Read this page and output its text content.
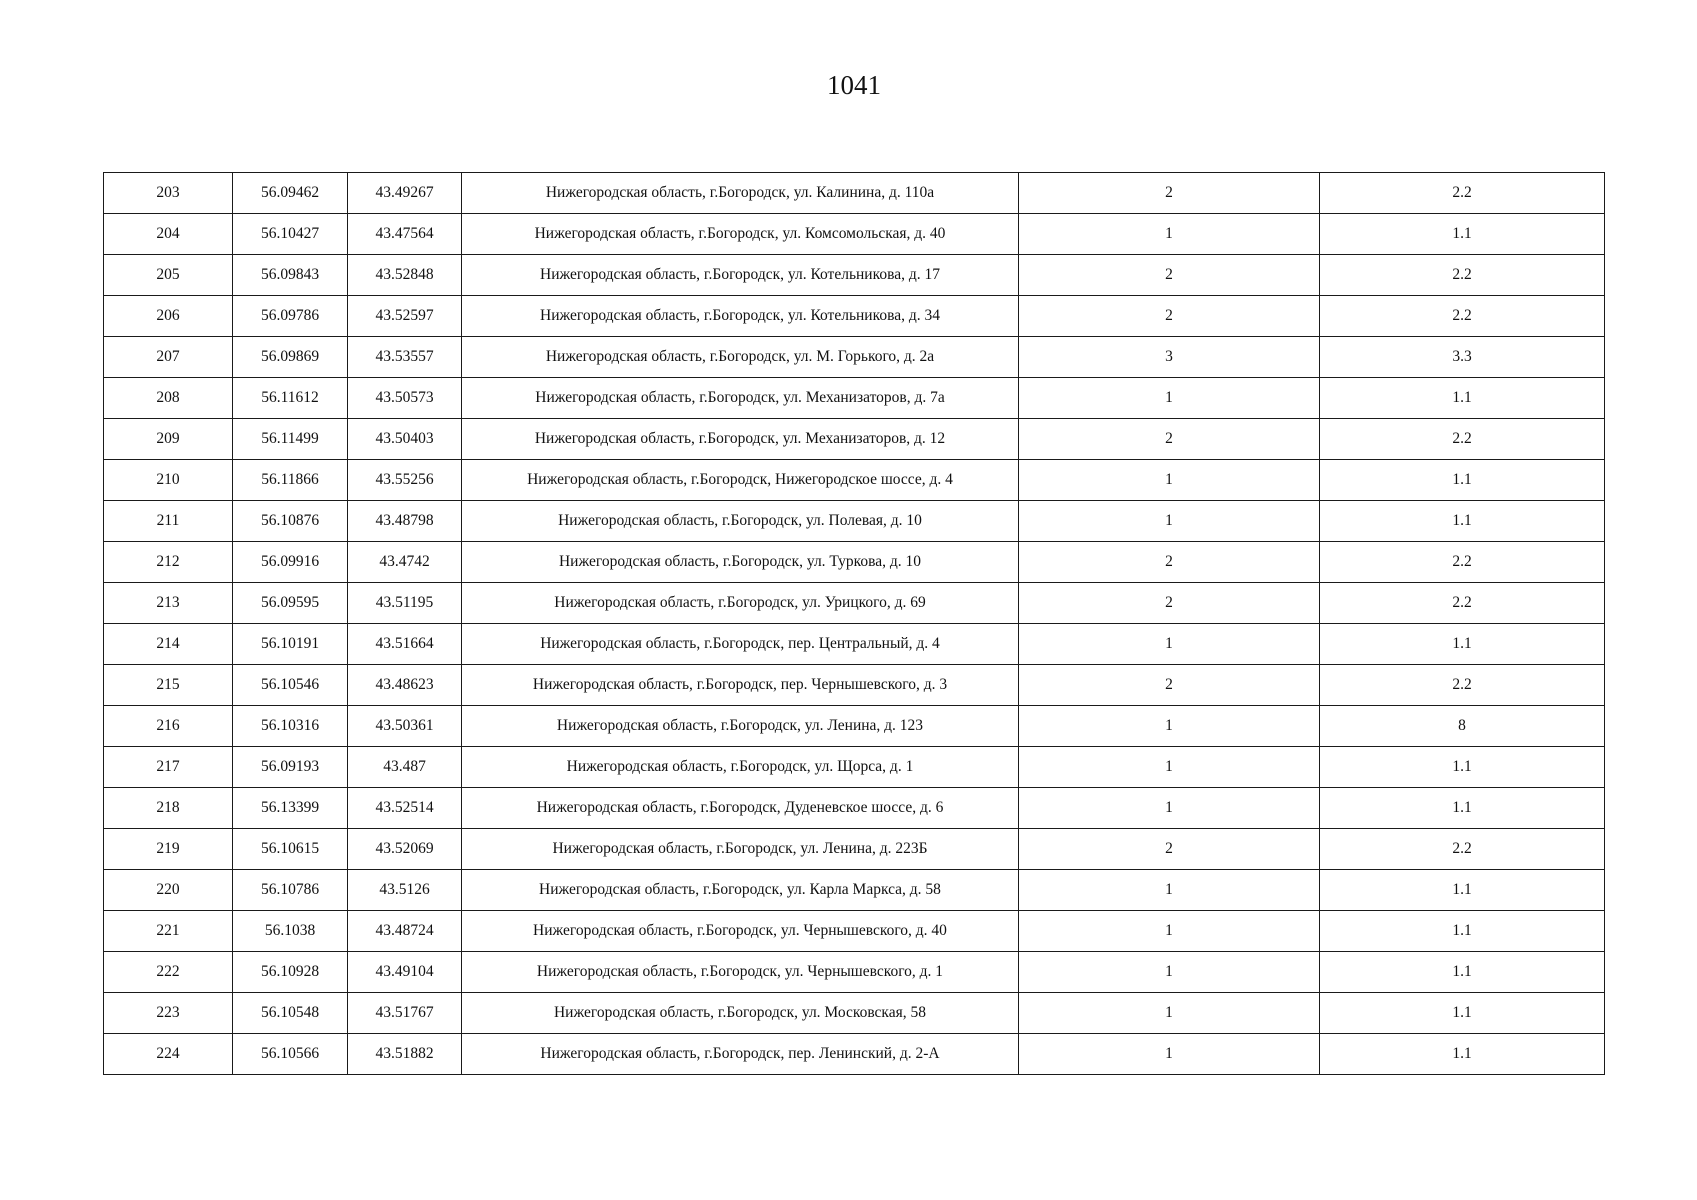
1041
203	56.09462	43.49267	Нижегородская область, г.Богородск, ул. Калинина, д. 110а	2	2.2
204	56.10427	43.47564	Нижегородская область, г.Богородск, ул. Комсомольская, д. 40	1	1.1
205	56.09843	43.52848	Нижегородская область, г.Богородск, ул. Котельникова, д. 17	2	2.2
206	56.09786	43.52597	Нижегородская область, г.Богородск, ул. Котельникова, д. 34	2	2.2
207	56.09869	43.53557	Нижегородская область, г.Богородск, ул. М. Горького, д. 2а	3	3.3
208	56.11612	43.50573	Нижегородская область, г.Богородск, ул. Механизаторов, д. 7а	1	1.1
209	56.11499	43.50403	Нижегородская область, г.Богородск, ул. Механизаторов, д. 12	2	2.2
210	56.11866	43.55256	Нижегородская область, г.Богородск, Нижегородское шоссе, д. 4	1	1.1
211	56.10876	43.48798	Нижегородская область, г.Богородск, ул. Полевая, д. 10	1	1.1
212	56.09916	43.4742	Нижегородская область, г.Богородск, ул. Туркова, д. 10	2	2.2
213	56.09595	43.51195	Нижегородская область, г.Богородск, ул. Урицкого, д. 69	2	2.2
214	56.10191	43.51664	Нижегородская область, г.Богородск, пер. Центральный, д. 4	1	1.1
215	56.10546	43.48623	Нижегородская область, г.Богородск, пер. Чернышевского, д. 3	2	2.2
216	56.10316	43.50361	Нижегородская область, г.Богородск, ул. Ленина, д. 123	1	8
217	56.09193	43.487	Нижегородская область, г.Богородск, ул. Щорса, д. 1	1	1.1
218	56.13399	43.52514	Нижегородская область, г.Богородск, Дуденевское шоссе, д. 6	1	1.1
219	56.10615	43.52069	Нижегородская область, г.Богородск, ул. Ленина, д. 223Б	2	2.2
220	56.10786	43.5126	Нижегородская область, г.Богородск, ул. Карла Маркса, д. 58	1	1.1
221	56.1038	43.48724	Нижегородская область, г.Богородск, ул. Чернышевского, д. 40	1	1.1
222	56.10928	43.49104	Нижегородская область, г.Богородск, ул. Чернышевского, д. 1	1	1.1
223	56.10548	43.51767	Нижегородская область, г.Богородск, ул. Московская, 58	1	1.1
224	56.10566	43.51882	Нижегородская область, г.Богородск, пер. Ленинский, д. 2-А	1	1.1
